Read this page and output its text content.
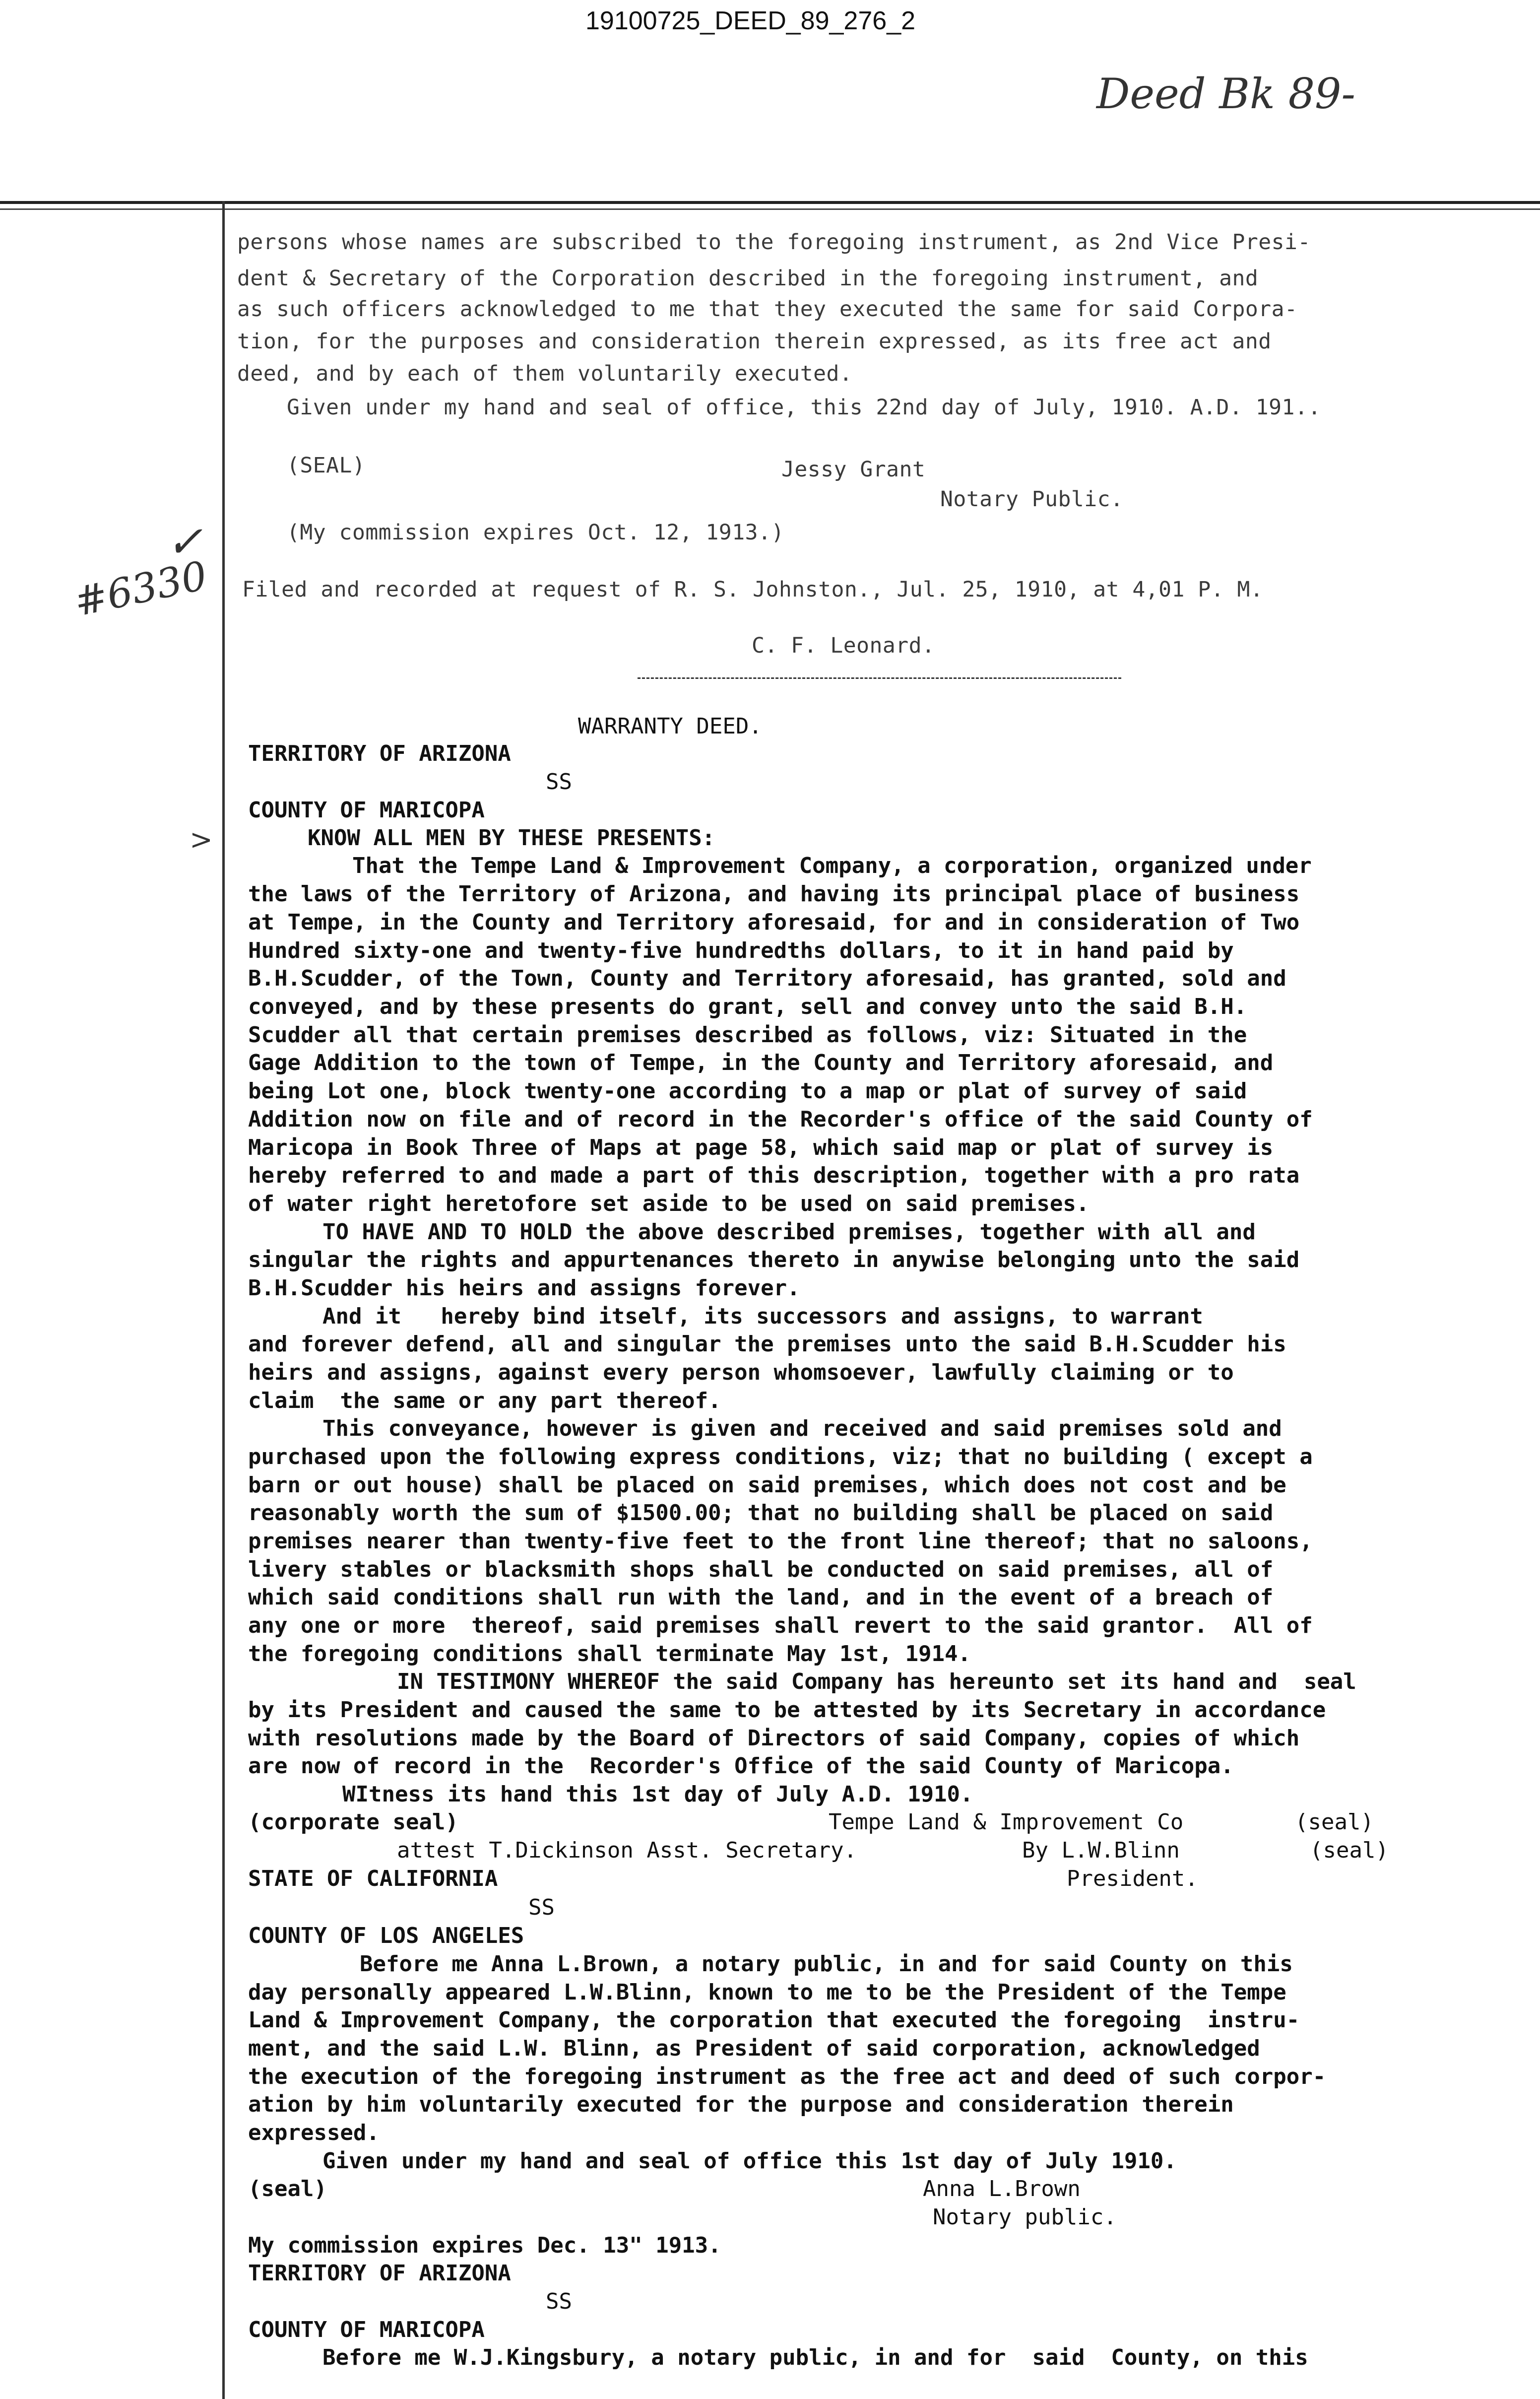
19100725_DEED_89_276_2
Deed Bk 89-
✓
#6330
>
persons whose names are subscribed to the foregoing instrument, as 2nd Vice Presi-
dent & Secretary of the Corporation described in the foregoing instrument, and
as such officers acknowledged to me that they executed the same for said Corpora-
tion, for the purposes and consideration therein expressed, as its free act and
deed, and by each of them voluntarily executed.
Given under my hand and seal of office, this 22nd day of July, 1910. A.D. 191..
(SEAL)	Jessy Grant
Notary Public.
(My commission expires Oct. 12, 1913.)
Filed and recorded at request of R. S. Johnston., Jul. 25, 1910, at 4,01 P. M.
C. F. Leonard.
WARRANTY DEED.
TERRITORY OF ARIZONA
SS
COUNTY OF MARICOPA
KNOW ALL MEN BY THESE PRESENTS:
That the Tempe Land & Improvement Company, a corporation, organized under
the laws of the Territory of Arizona, and having its principal place of business
at Tempe, in the County and Territory aforesaid, for and in consideration of Two
Hundred sixty-one and twenty-five hundredths dollars, to it in hand paid by
B.H.Scudder, of the Town, County and Territory aforesaid, has granted, sold and
conveyed, and by these presents do grant, sell and convey unto the said B.H.
Scudder all that certain premises described as follows, viz: Situated in the
Gage Addition to the town of Tempe, in the County and Territory aforesaid, and
being Lot one, block twenty-one according to a map or plat of survey of said
Addition now on file and of record in the Recorder's office of the said County of
Maricopa in Book Three of Maps at page 58, which said map or plat of survey is
hereby referred to and made a part of this description, together with a pro rata
of water right heretofore set aside to be used on said premises.
TO HAVE AND TO HOLD the above described premises, together with all and
singular the rights and appurtenances thereto in anywise belonging unto the said
B.H.Scudder his heirs and assigns forever.
And it   hereby bind itself, its successors and assigns, to warrant
and forever defend, all and singular the premises unto the said B.H.Scudder his
heirs and assigns, against every person whomsoever, lawfully claiming or to
claim  the same or any part thereof.
This conveyance, however is given and received and said premises sold and
purchased upon the following express conditions, viz; that no building ( except a
barn or out house) shall be placed on said premises, which does not cost and be
reasonably worth the sum of $1500.00; that no building shall be placed on said
premises nearer than twenty-five feet to the front line thereof; that no saloons,
livery stables or blacksmith shops shall be conducted on said premises, all of
which said conditions shall run with the land, and in the event of a breach of
any one or more  thereof, said premises shall revert to the said grantor.  All of
the foregoing conditions shall terminate May 1st, 1914.
IN TESTIMONY WHEREOF the said Company has hereunto set its hand and  seal
by its President and caused the same to be attested by its Secretary in accordance
with resolutions made by the Board of Directors of said Company, copies of which
are now of record in the  Recorder's Office of the said County of Maricopa.
WItness its hand this 1st day of July A.D. 1910.
(corporate seal)	Tempe Land & Improvement Co	(seal)
attest T.Dickinson Asst. Secretary.	By L.W.Blinn	(seal)
President.
STATE OF CALIFORNIA
SS
COUNTY OF LOS ANGELES
Before me Anna L.Brown, a notary public, in and for said County on this
day personally appeared L.W.Blinn, known to me to be the President of the Tempe
Land & Improvement Company, the corporation that executed the foregoing  instru-
ment, and the said L.W. Blinn, as President of said corporation, acknowledged
the execution of the foregoing instrument as the free act and deed of such corpor-
ation by him voluntarily executed for the purpose and consideration therein
expressed.
Given under my hand and seal of office this 1st day of July 1910.
(seal)	Anna L.Brown
Notary public.
My commission expires Dec. 13" 1913.
TERRITORY OF ARIZONA
SS
COUNTY OF MARICOPA
Before me W.J.Kingsbury, a notary public, in and for  said  County, on this
